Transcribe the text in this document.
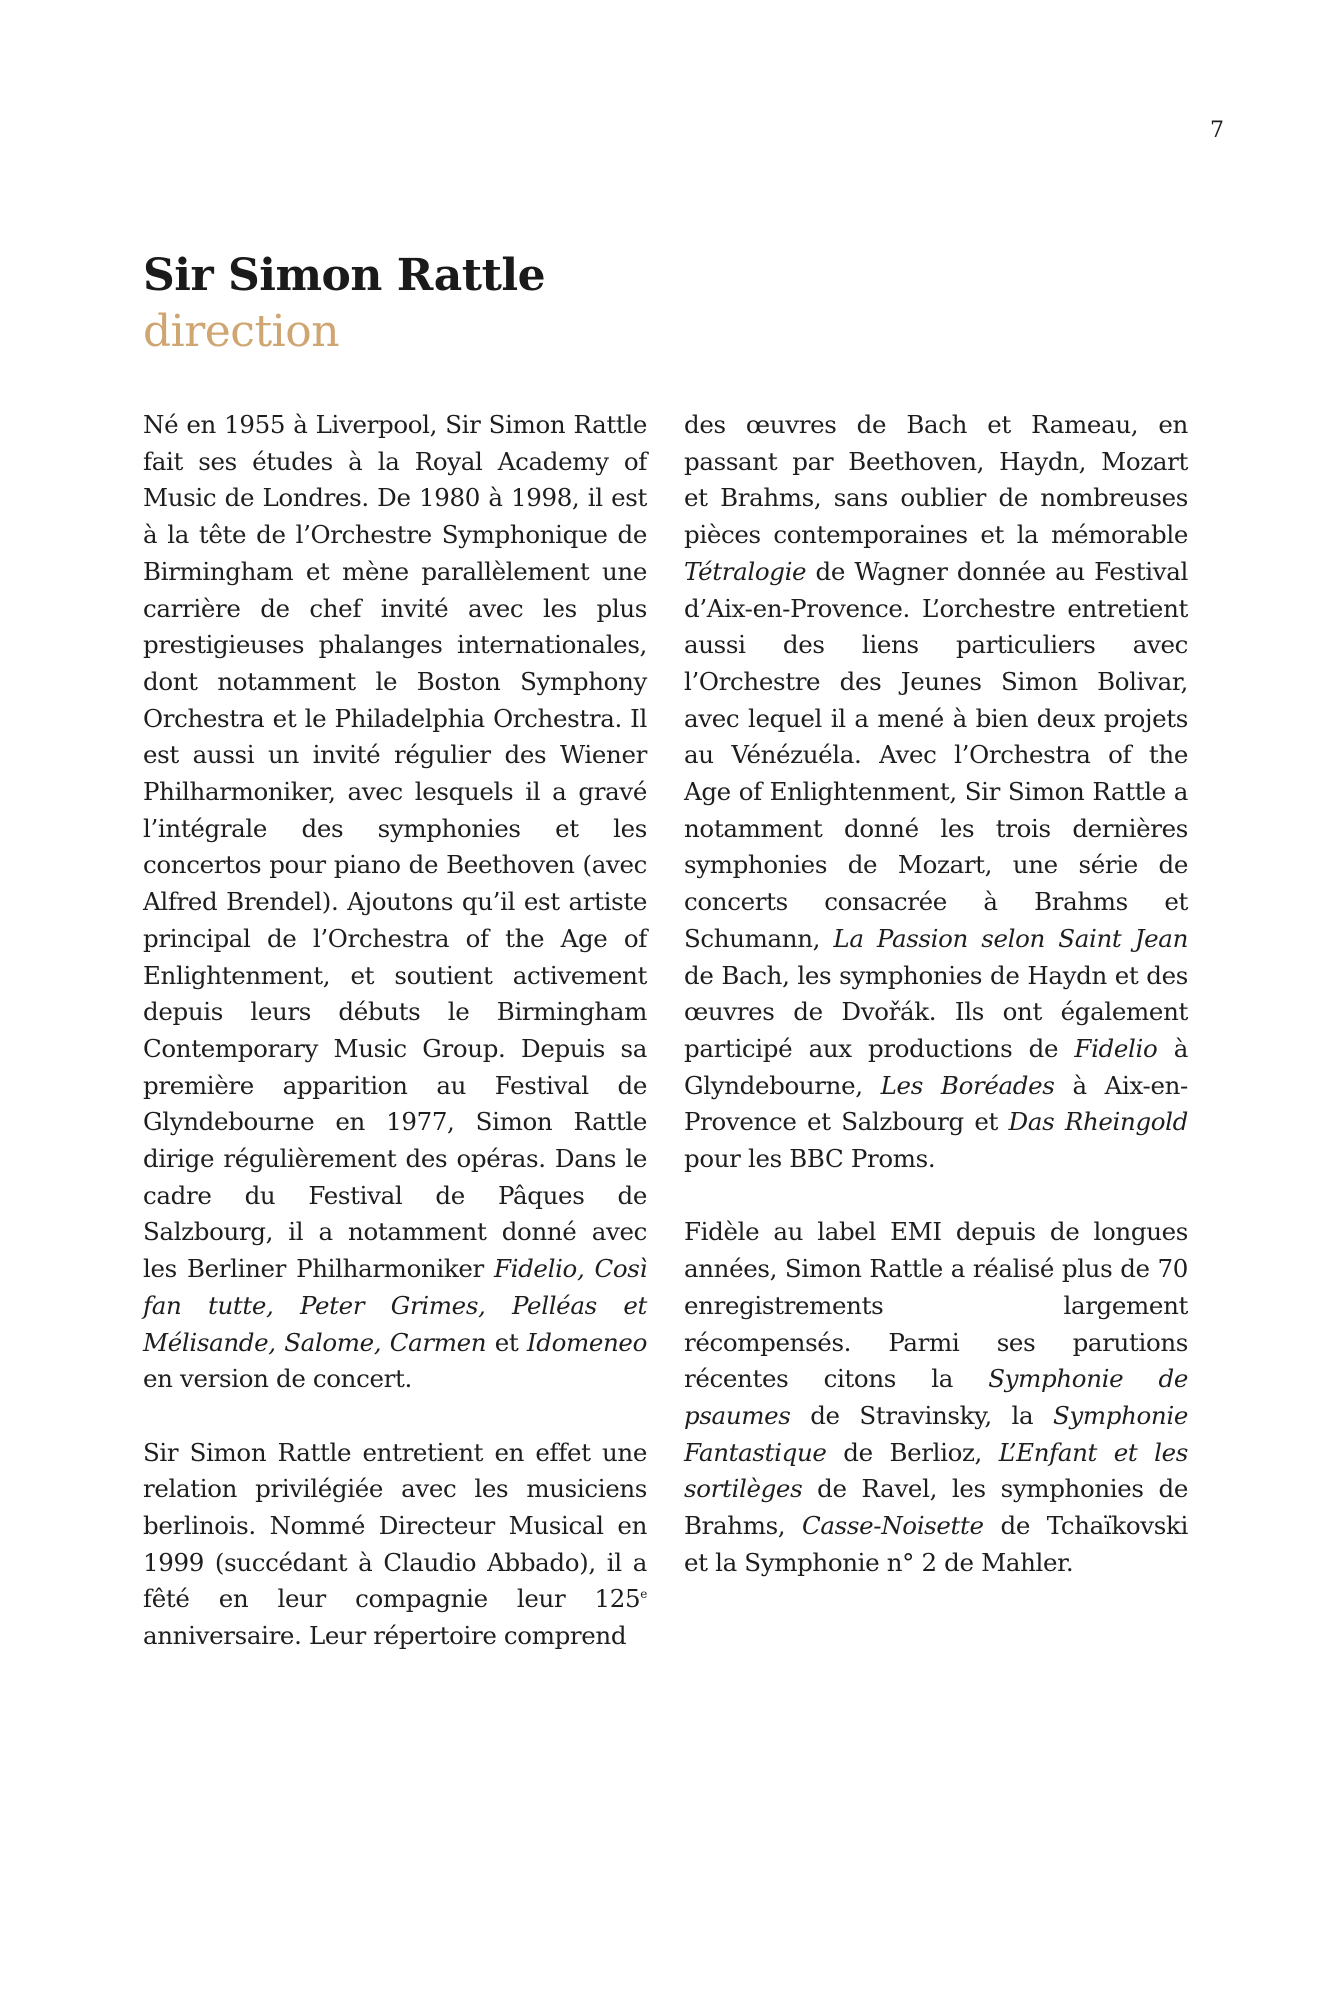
7
Sir Simon Rattle
direction

Né en 1955 à Liverpool, Sir Simon Rattle fait ses études à la Royal Academy of Music de Londres. De 1980 à 1998, il est à la tête de l’Orchestre Symphonique de Birmingham et mène parallèlement une carrière de chef invité avec les plus prestigieuses phalanges internationales, dont notamment le Boston Symphony Orchestra et le Philadelphia Orchestra. Il est aussi un invité régulier des Wiener Philharmoniker, avec lesquels il a gravé l’intégrale des symphonies et les concertos pour piano de Beethoven (avec Alfred Brendel). Ajoutons qu’il est artiste principal de l’Orchestra of the Age of Enlightenment, et soutient activement depuis leurs débuts le Birmingham Contemporary Music Group. Depuis sa première apparition au Festival de Glyndebourne en 1977, Simon Rattle dirige régulièrement des opéras. Dans le cadre du Festival de Pâques de Salzbourg, il a notamment donné avec les Berliner Philharmoniker Fidelio, Così fan tutte, Peter Grimes, Pelléas et Mélisande, Salome, Carmen et Idomeneo en version de concert.

Sir Simon Rattle entretient en effet une relation privilégiée avec les musiciens berlinois. Nommé Directeur Musical en 1999 (succédant à Claudio Abbado), il a fêté en leur compagnie leur 125e anniversaire. Leur répertoire comprend

des œuvres de Bach et Rameau, en passant par Beethoven, Haydn, Mozart et Brahms, sans oublier de nombreuses pièces contemporaines et la mémorable Tétralogie de Wagner donnée au Festival d’Aix-en-Provence. L’orchestre entretient aussi des liens particuliers avec l’Orchestre des Jeunes Simon Bolivar, avec lequel il a mené à bien deux projets au Vénézuéla. Avec l’Orchestra of the Age of Enlightenment, Sir Simon Rattle a notamment donné les trois dernières symphonies de Mozart, une série de concerts consacrée à Brahms et Schumann, La Passion selon Saint Jean de Bach, les symphonies de Haydn et des œuvres de Dvořák. Ils ont également participé aux productions de Fidelio à Glyndebourne, Les Boréades à Aix-en-Provence et Salzbourg et Das Rheingold pour les BBC Proms.

Fidèle au label EMI depuis de longues années, Simon Rattle a réalisé plus de 70 enregistrements largement récompensés. Parmi ses parutions récentes citons la Symphonie de psaumes de Stravinsky, la Symphonie Fantastique de Berlioz, L’Enfant et les sortilèges de Ravel, les symphonies de Brahms, Casse-Noisette de Tchaïkovski et la Symphonie n° 2 de Mahler.
